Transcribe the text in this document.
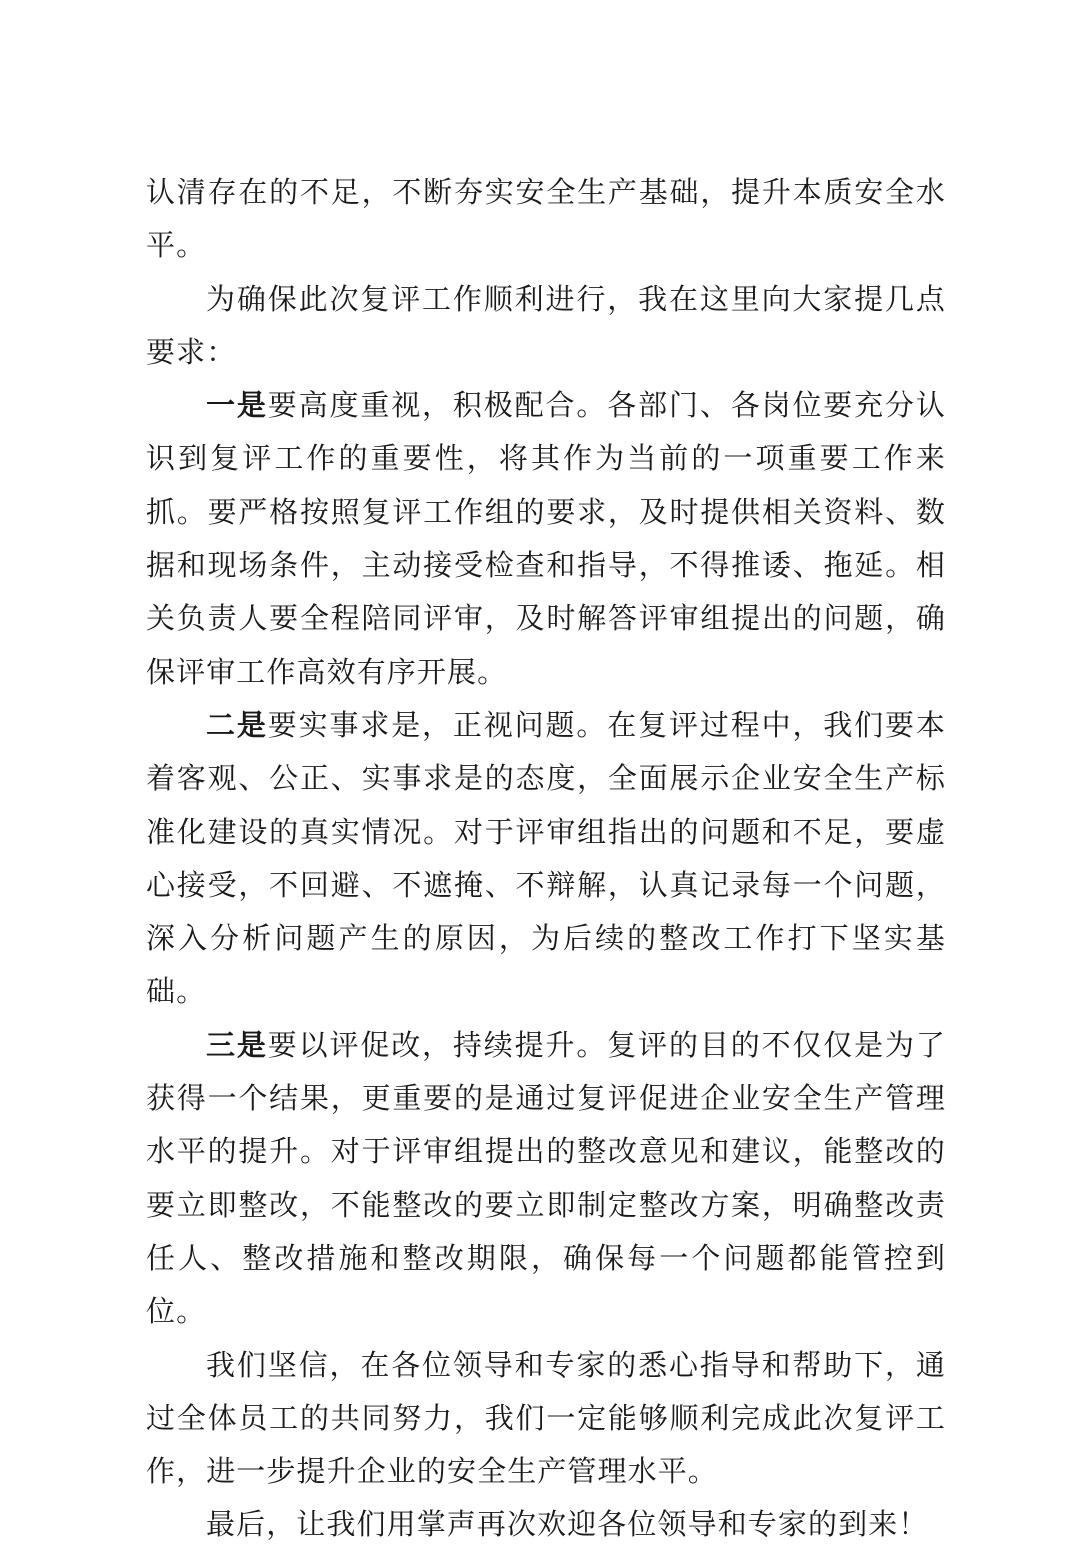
认清存在的不足，不断夯实安全生产基础，提升本质安全水平。

为确保此次复评工作顺利进行，我在这里向大家提几点要求：

一是要高度重视，积极配合。各部门、各岗位要充分认识到复评工作的重要性，将其作为当前的一项重要工作来抓。要严格按照复评工作组的要求，及时提供相关资料、数据和现场条件，主动接受检查和指导，不得推诿、拖延。相关负责人要全程陪同评审，及时解答评审组提出的问题，确保评审工作高效有序开展。

二是要实事求是，正视问题。在复评过程中，我们要本着客观、公正、实事求是的态度，全面展示企业安全生产标准化建设的真实情况。对于评审组指出的问题和不足，要虚心接受，不回避、不遮掩、不辩解，认真记录每一个问题，深入分析问题产生的原因，为后续的整改工作打下坚实基础。

三是要以评促改，持续提升。复评的目的不仅仅是为了获得一个结果，更重要的是通过复评促进企业安全生产管理水平的提升。对于评审组提出的整改意见和建议，能整改的要立即整改，不能整改的要立即制定整改方案，明确整改责任人、整改措施和整改期限，确保每一个问题都能管控到位。

我们坚信，在各位领导和专家的悉心指导和帮助下，通过全体员工的共同努力，我们一定能够顺利完成此次复评工作，进一步提升企业的安全生产管理水平。

最后，让我们用掌声再次欢迎各位领导和专家的到来！
